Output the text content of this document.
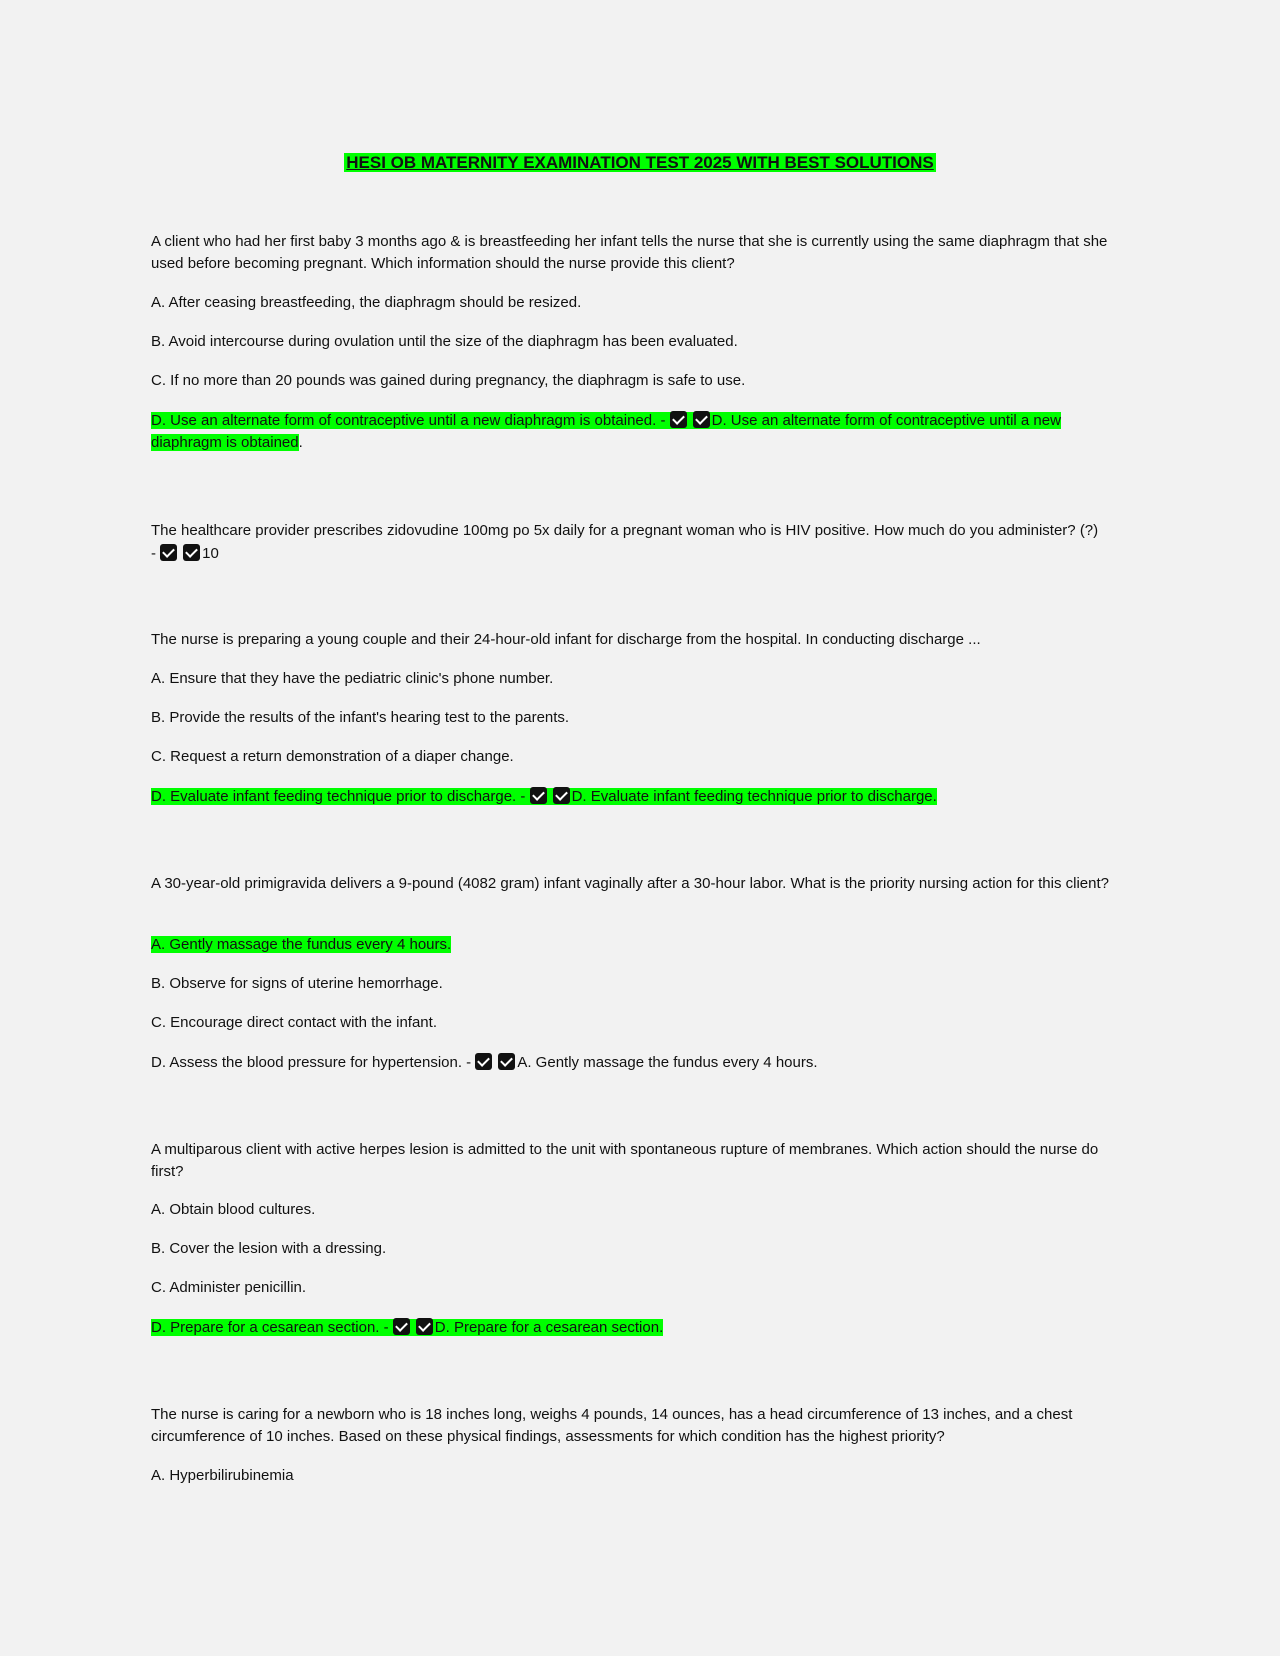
HESI OB MATERNITY EXAMINATION TEST 2025 WITH BEST SOLUTIONS
A client who had her first baby 3 months ago & is breastfeeding her infant tells the nurse that she is currently using the same diaphragm that she used before becoming pregnant. Which information should the nurse provide this client?
A. After ceasing breastfeeding, the diaphragm should be resized.
B. Avoid intercourse during ovulation until the size of the diaphragm has been evaluated.
C. If no more than 20 pounds was gained during pregnancy, the diaphragm is safe to use.
D. Use an alternate form of contraceptive until a new diaphragm is obtained. -	D. Use an alternate form of contraceptive until a new
diaphragm is obtained.
The healthcare provider prescribes zidovudine 100mg po 5x daily for a pregnant woman who is HIV positive. How much do you administer? (?)
-	10
The nurse is preparing a young couple and their 24-hour-old infant for discharge from the hospital. In conducting discharge ...
A. Ensure that they have the pediatric clinic's phone number.
B. Provide the results of the infant's hearing test to the parents.
C. Request a return demonstration of a diaper change.
D. Evaluate infant feeding technique prior to discharge. -	D. Evaluate infant feeding technique prior to discharge.
A 30-year-old primigravida delivers a 9-pound (4082 gram) infant vaginally after a 30-hour labor. What is the priority nursing action for this client?
A. Gently massage the fundus every 4 hours.
B. Observe for signs of uterine hemorrhage.
C. Encourage direct contact with the infant.
D. Assess the blood pressure for hypertension. -	A. Gently massage the fundus every 4 hours.
A multiparous client with active herpes lesion is admitted to the unit with spontaneous rupture of membranes. Which action should the nurse do first?
A. Obtain blood cultures.
B. Cover the lesion with a dressing.
C. Administer penicillin.
D. Prepare for a cesarean section. -	D. Prepare for a cesarean section.
The nurse is caring for a newborn who is 18 inches long, weighs 4 pounds, 14 ounces, has a head circumference of 13 inches, and a chest circumference of 10 inches. Based on these physical findings, assessments for which condition has the highest priority?
A. Hyperbilirubinemia
